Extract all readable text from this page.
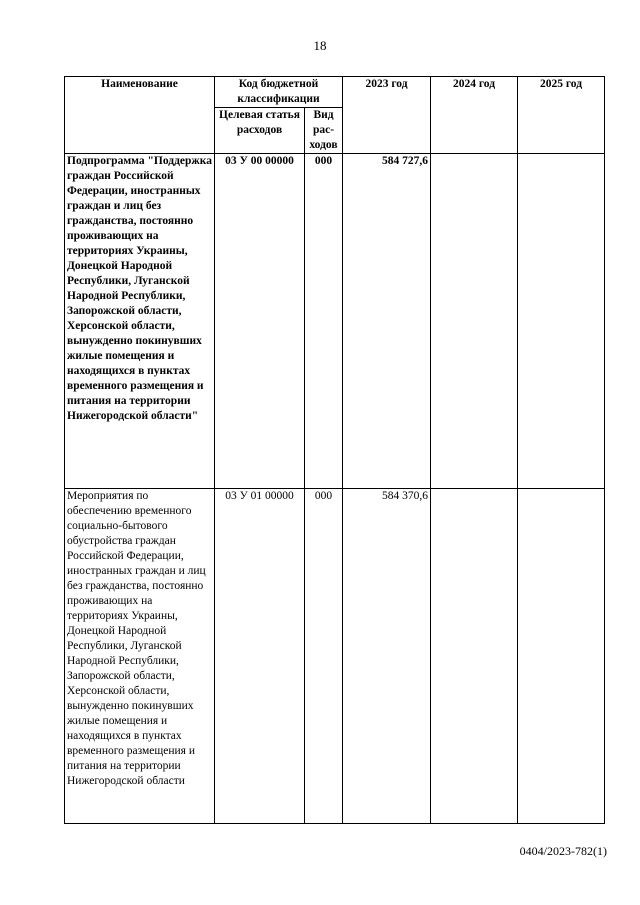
18
Наименование	Код бюджетной классификации		2023 год	2024 год	2025 год
	Целевая статья расходов	Вид рас-ходов			
Подпрограмма "Поддержка граждан Российской Федерации, иностранных граждан и лиц без гражданства, постоянно проживающих на территориях Украины, Донецкой Народной Республики, Луганской Народной Республики, Запорожской области, Херсонской области, вынужденно покинувших жилые помещения и находящихся в пунктах временного размещения и питания на территории Нижегородской области"	03 У 00 00000	000	584 727,6		
Мероприятия по обеспечению временного социально-бытового обустройства граждан Российской Федерации, иностранных граждан и лиц без гражданства, постоянно проживающих на территориях Украины, Донецкой Народной Республики, Луганской Народной Республики, Запорожской области, Херсонской области, вынужденно покинувших жилые помещения и находящихся в пунктах временного размещения и питания на территории Нижегородской области	03 У 01 00000	000	584 370,6		
0404/2023-782(1)
